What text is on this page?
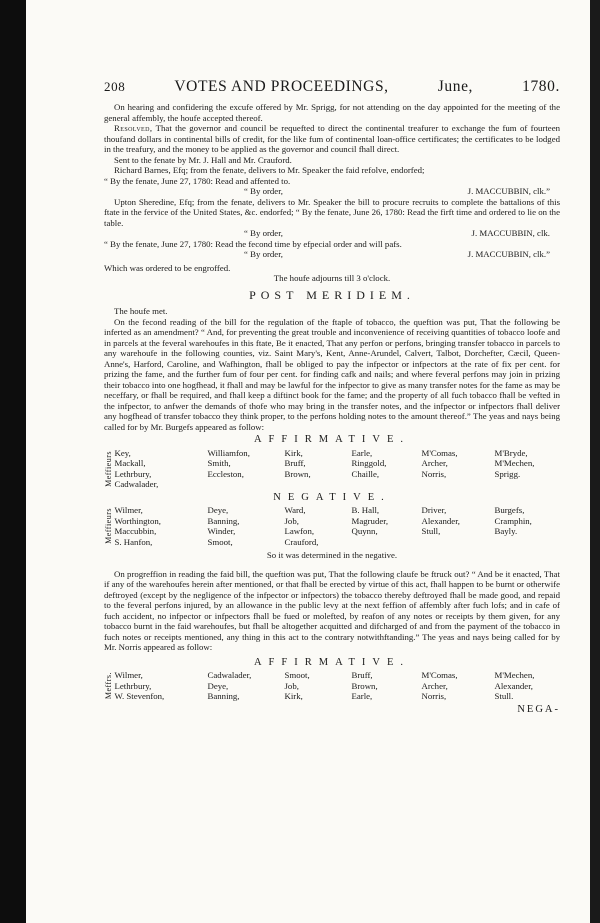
208	VOTES AND PROCEEDINGS,	June,	1780.

On hearing and confidering the excufe offered by Mr. Sprigg, for not attending on the day appointed for the meeting of the general affembly, the houfe accepted thereof.

Resolved, That the governor and council be requefted to direct the continental treafurer to exchange the fum of fourteen thoufand dollars in continental bills of credit, for the like fum of continental loan-office certificates; the certificates to be lodged in the treafury, and the money to be applied as the governor and council fhall direct.

Sent to the fenate by Mr. J. Hall and Mr. Crauford.

Richard Barnes, Efq; from the fenate, delivers to Mr. Speaker the faid refolve, endorfed;

“ By the fenate, June 27, 1780: Read and affented to.

“ By order,	J. MACCUBBIN, clk.”

Upton Sheredine, Efq; from the fenate, delivers to Mr. Speaker the bill to procure recruits to complete the battalions of this ftate in the fervice of the United States, &c. endorfed; “ By the fenate, June 26, 1780: Read the firft time and ordered to lie on the table.

“ By order,	J. MACCUBBIN, clk.

“ By the fenate, June 27, 1780: Read the fecond time by efpecial order and will pafs.

“ By order,	J. MACCUBBIN, clk.”

Which was ordered to be engroffed.

The houfe adjourns till 3 o'clock.

POST MERIDIEM.

The houfe met.

On the fecond reading of the bill for the regulation of the ftaple of tobacco, the queftion was put, That the following be inferted as an amendment? “ And, for preventing the great trouble and inconvenience of receiving quantities of tobacco loofe and in parcels at the feveral warehoufes in this ftate, Be it enacted, That any perfon or perfons, bringing transfer tobacco in parcels to any warehoufe in the following counties, viz. Saint Mary's, Kent, Anne-Arundel, Calvert, Talbot, Dorchefter, Cæcil, Queen-Anne's, Harford, Caroline, and Wafhington, fhall be obliged to pay the infpector or infpectors at the rate of fix per cent. for prizing the fame, and the further fum of four per cent. for finding cafk and nails; and where feveral perfons may join in prizing their tobacco into one hogfhead, it fhall and may be lawful for the infpector to give as many transfer notes for the fame as may be neceffary, or fhall be required, and fhall keep a diftinct book for the fame; and the property of all fuch tobacco fhall be vefted in the infpector, to anfwer the demands of thofe who may bring in the transfer notes, and the infpector or infpectors fhall deliver any hogfhead of transfer tobacco they think proper, to the perfons holding notes to the amount thereof.” The yeas and nays being called for by Mr. Burgefs appeared as follow:

AFFIRMATIVE.
Meffieurs Key,	Williamfon,	Kirk,	Earle,	M'Comas,	M'Bryde,
Mackall,	Smith,	Bruff,	Ringgold,	Archer,	M'Mechen,
Lethrbury,	Eccleston,	Brown,	Chaille,	Norris,	Sprigg.
Cadwalader,
NEGATIVE.
Meffieurs Wilmer,	Deye,	Ward,	B. Hall,	Driver,	Burgefs,
Worthington,	Banning,	Job,	Magruder,	Alexander,	Cramphin,
Maccubbin,	Winder,	Lawfon,	Quynn,	Stull,	Bayly.
S. Hanfon,	Smoot,	Crauford,

So it was determined in the negative.

On progreffion in reading the faid bill, the queftion was put, That the following claufe be ftruck out? “ And be it enacted, That if any of the warehoufes herein after mentioned, or that fhall be erected by virtue of this act, fhall happen to be burnt or otherwife deftroyed (except by the negligence of the infpector or infpectors) the tobacco thereby deftroyed fhall be made good, and repaid to the feveral perfons injured, by an allowance in the public levy at the next feffion of affembly after fuch lofs; and in cafe of fuch accident, no infpector or infpectors fhall be fued or molefted, by reafon of any notes or receipts by them given, for any tobacco burnt in the faid warehoufes, but fhall be altogether acquitted and difcharged of and from the payment of the tobacco in fuch notes or receipts mentioned, any thing in this act to the contrary notwithftanding.” The yeas and nays being called for by Mr. Norris appeared as follow:

AFFIRMATIVE.
Meffrs. Wilmer,	Cadwalader,	Smoot,	Bruff,	M'Comas,	M'Mechen,
Lethrbury,	Deye,	Job,	Brown,	Archer,	Alexander,
W. Stevenfon,	Banning,	Kirk,	Earle,	Norris,	Stull.
NEGA-
